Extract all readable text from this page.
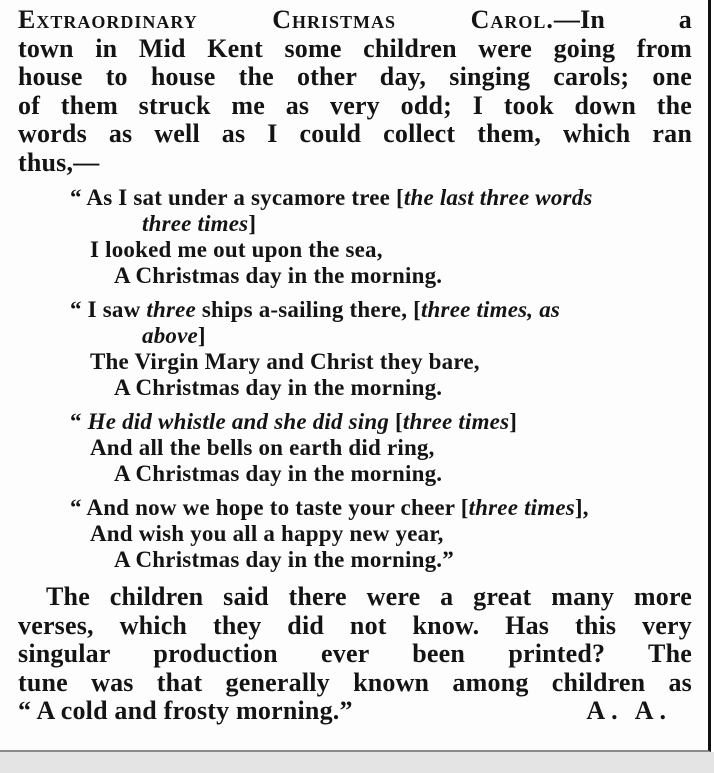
Extraordinary Christmas Carol.—In a
town in Mid Kent some children were going from
house to house the other day, singing carols; one
of them struck me as very odd; I took down the
words as well as I could collect them, which ran
thus,—
“ As I sat under a sycamore tree [the last three words
three times]
I looked me out upon the sea,
A Christmas day in the morning.
“ I saw three ships a-sailing there, [three times, as
above]
The Virgin Mary and Christ they bare,
A Christmas day in the morning.
“ He did whistle and she did sing [three times]
And all the bells on earth did ring,
A Christmas day in the morning.
“ And now we hope to taste your cheer [three times],
And wish you all a happy new year,
A Christmas day in the morning.”
The children said there were a great many more
verses, which they did not know. Has this very
singular production ever been printed? The
tune was that generally known among children as
“ A cold and frosty morning.”	A. A.
